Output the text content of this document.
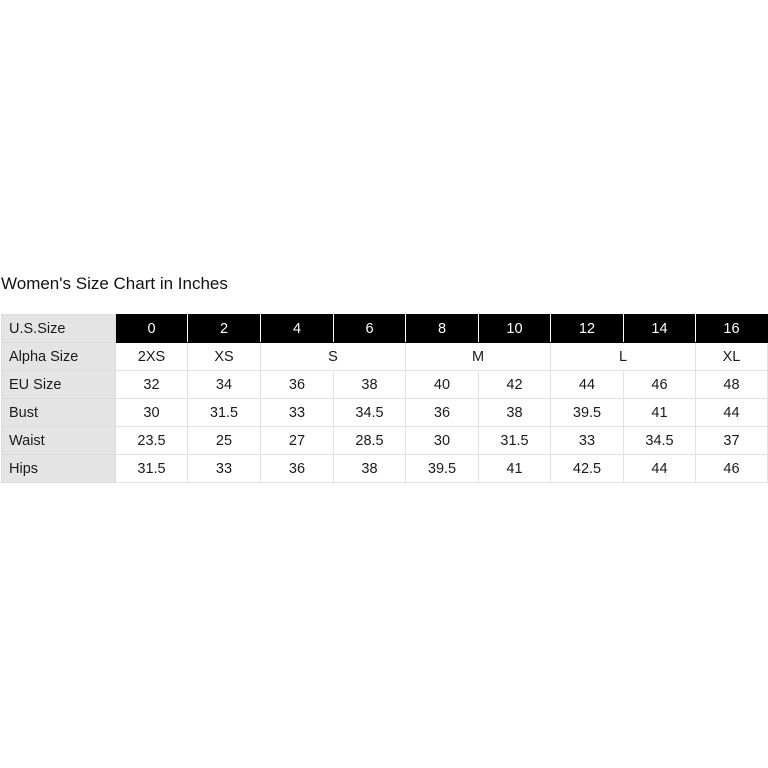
Women's Size Chart in Inches
U.S.Size	0	2	4	6	8	10	12	14	16
Alpha Size	2XS	XS	S		M		L		XL
EU Size	32	34	36	38	40	42	44	46	48
Bust	30	31.5	33	34.5	36	38	39.5	41	44
Waist	23.5	25	27	28.5	30	31.5	33	34.5	37
Hips	31.5	33	36	38	39.5	41	42.5	44	46
